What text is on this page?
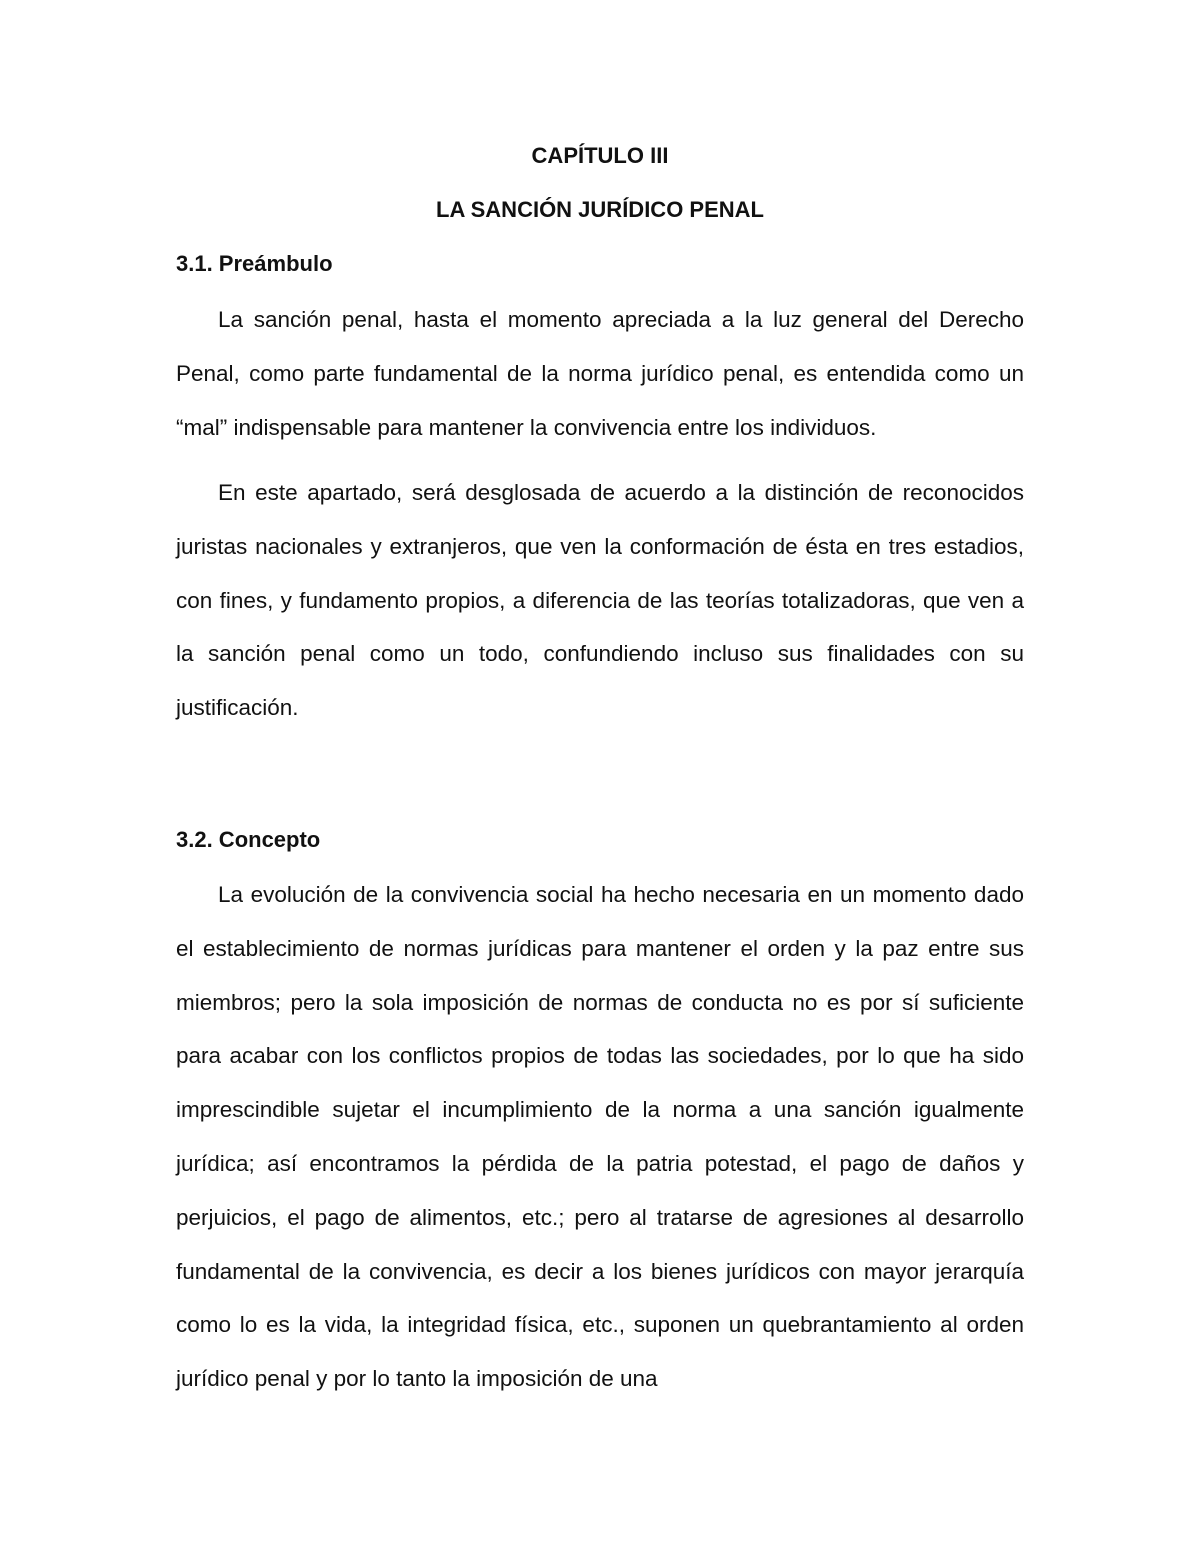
CAPÍTULO III
LA SANCIÓN JURÍDICO PENAL
3.1. Preámbulo

La sanción penal, hasta el momento apreciada a la luz general del Derecho Penal, como parte fundamental de la norma jurídico penal, es entendida como un “mal” indispensable para mantener la convivencia entre los individuos.

En este apartado, será desglosada de acuerdo a la distinción de reconocidos juristas nacionales y extranjeros, que ven la conformación de ésta en tres estadios, con fines, y fundamento propios, a diferencia de las teorías totalizadoras, que ven a la sanción penal como un todo, confundiendo incluso sus finalidades con su justificación.

3.2. Concepto

La evolución de la convivencia social ha hecho necesaria en un momento dado el establecimiento de normas jurídicas para mantener el orden y la paz entre sus miembros; pero la sola imposición de normas de conducta no es por sí suficiente para acabar con los conflictos propios de todas las sociedades, por lo que ha sido imprescindible sujetar el incumplimiento de la norma a una sanción igualmente jurídica; así encontramos la pérdida de la patria potestad, el pago de daños y perjuicios, el pago de alimentos, etc.; pero al tratarse de agresiones al desarrollo fundamental de la convivencia, es decir a los bienes jurídicos con mayor jerarquía como lo es la vida, la integridad física, etc., suponen un quebrantamiento al orden jurídico penal y por lo tanto la imposición de una
